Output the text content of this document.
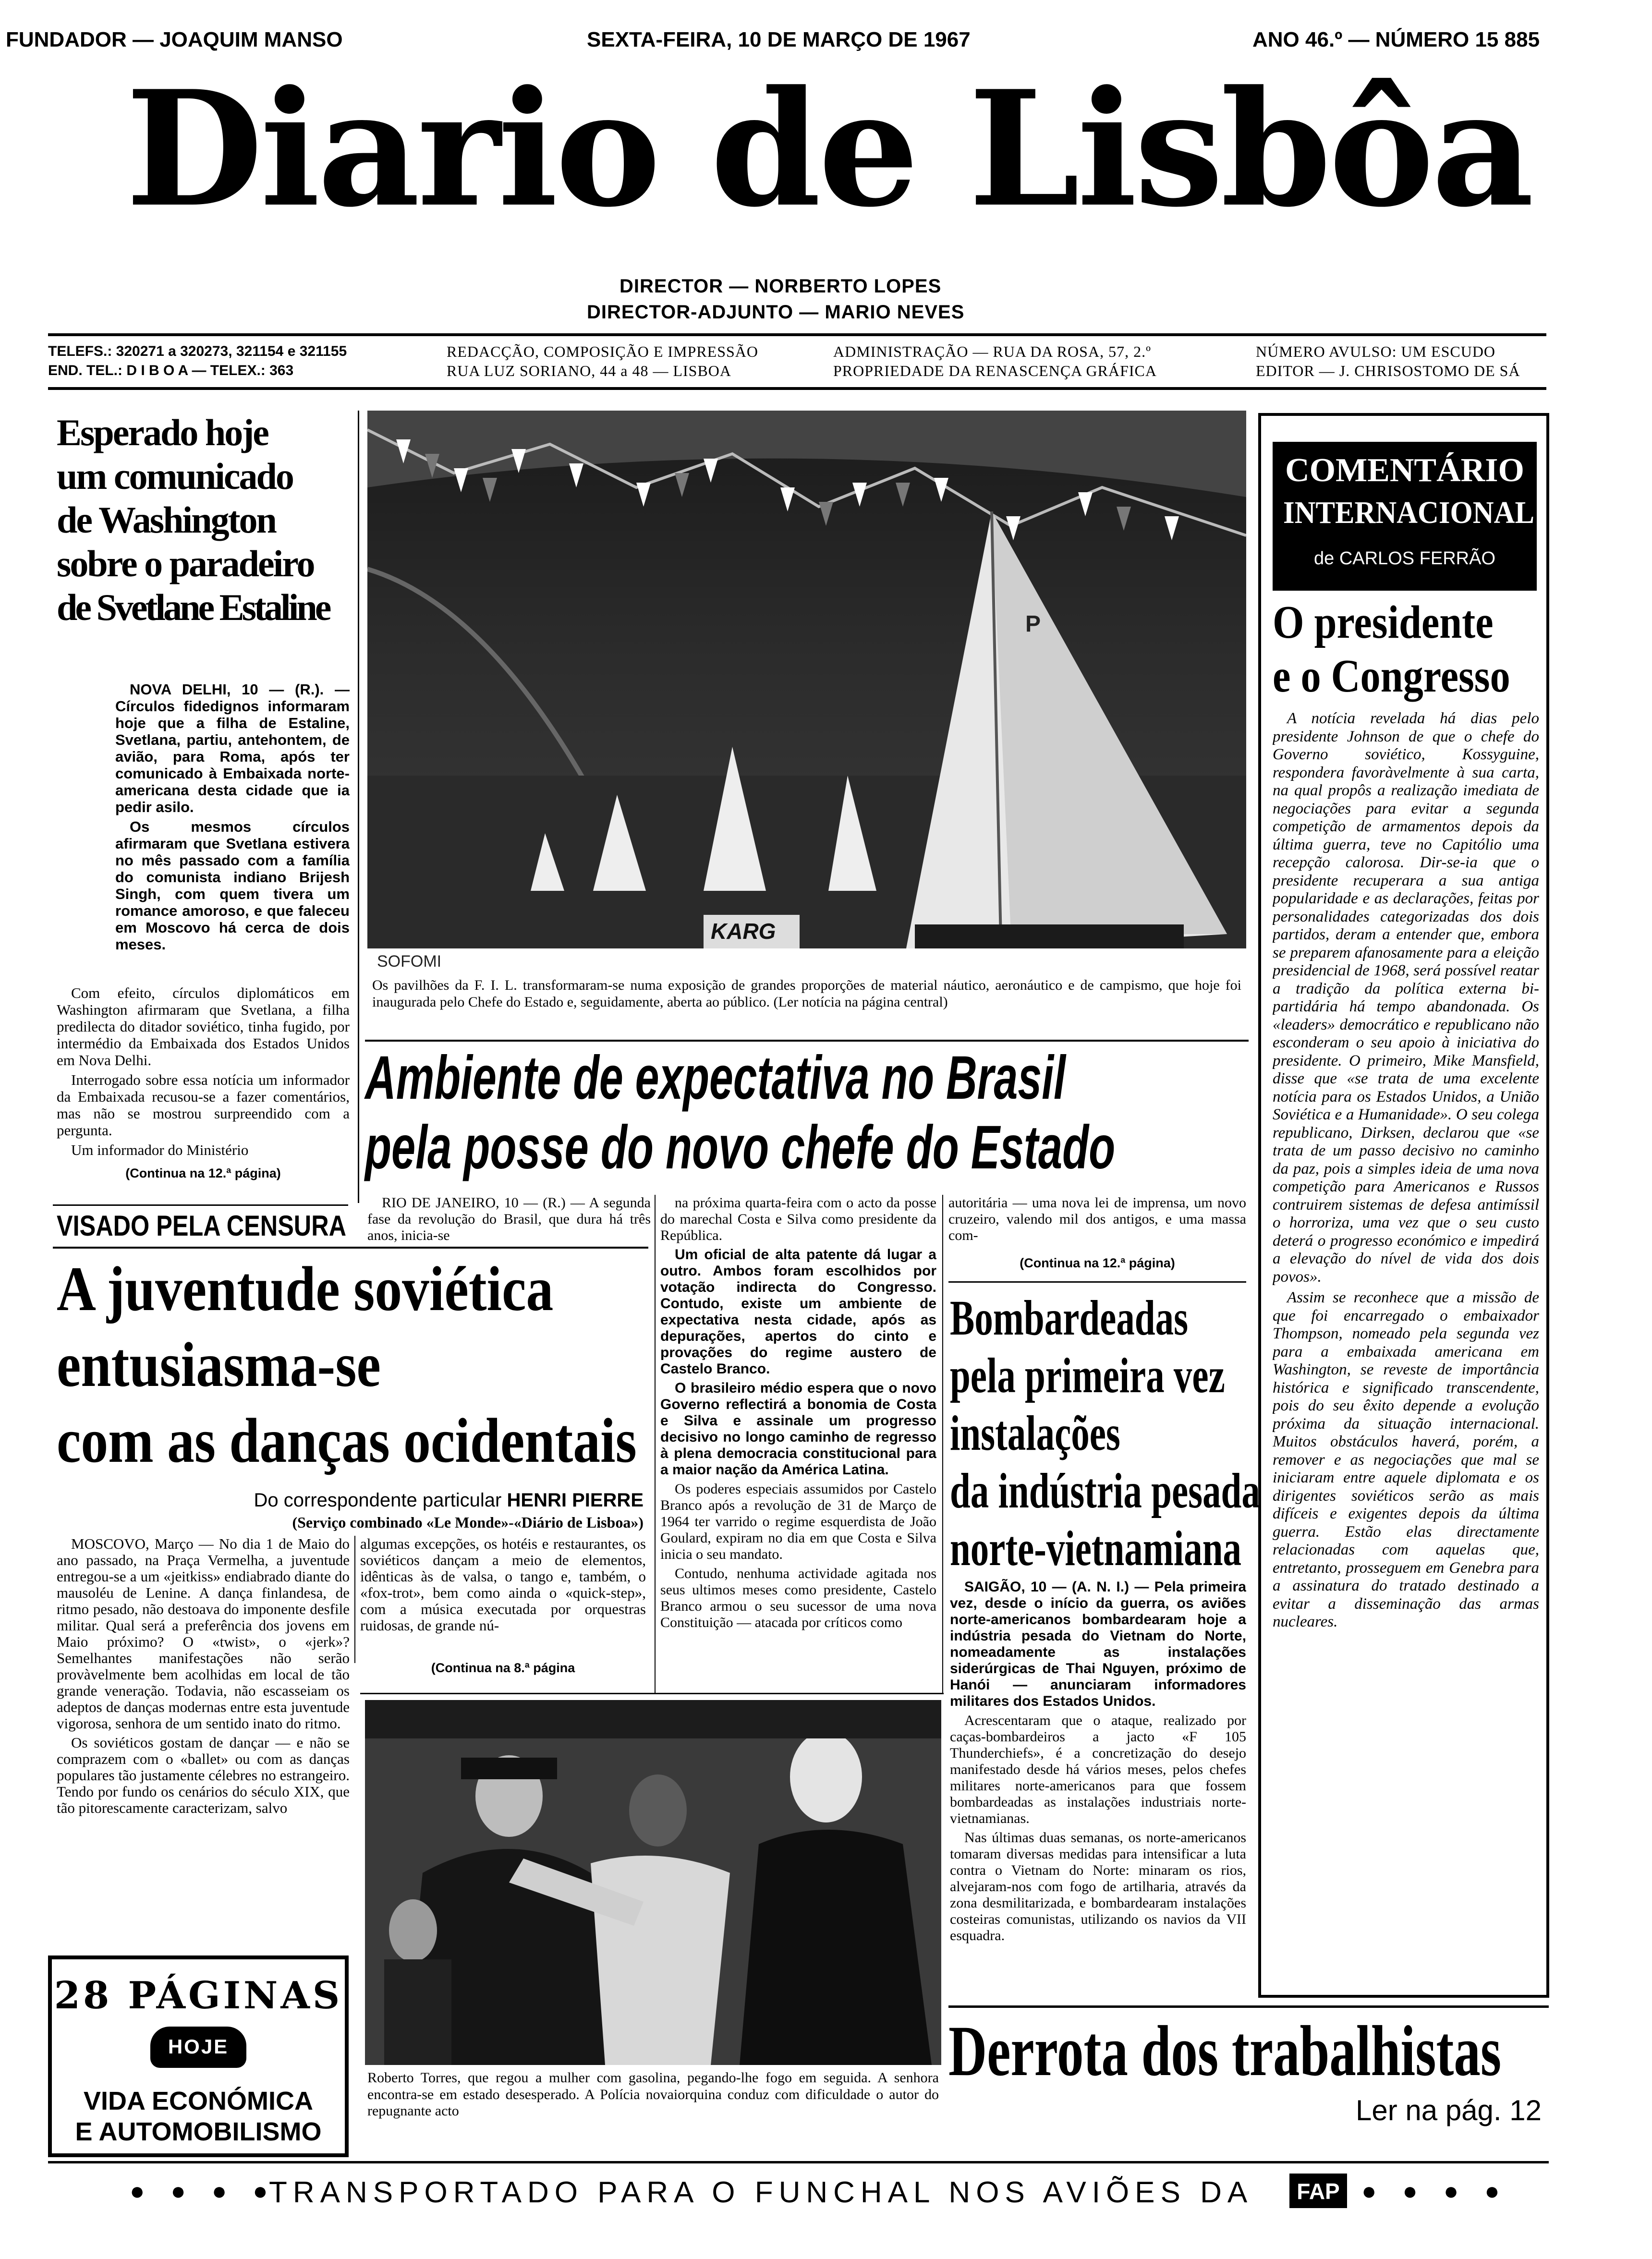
FUNDADOR — JOAQUIM MANSO	SEXTA-FEIRA, 10 DE MARÇO DE 1967	ANO 46.º — NÚMERO 15 885
Diario de Lisbôa
DIRECTOR — NORBERTO LOPES
DIRECTOR-ADJUNTO — MARIO NEVES
TELEFS.: 320271 a 320273, 321154 e 321155
END. TEL.: D I B O A — TELEX.: 363
REDACÇÃO, COMPOSIÇÃO E IMPRESSÃO
RUA LUZ SORIANO, 44 a 48 — LISBOA
ADMINISTRAÇÃO — RUA DA ROSA, 57, 2.º
PROPRIEDADE DA RENASCENÇA GRÁFICA
NÚMERO AVULSO: UM ESCUDO
EDITOR — J. CHRISOSTOMO DE SÁ
Esperado hoje
um comunicado
de Washington
sobre o paradeiro
de Svetlane Estaline

NOVA DELHI, 10 — (R.). — Círculos fidedignos informaram hoje que a filha de Estaline, Svetlana, partiu, antehontem, de avião, para Roma, após ter comunicado à Embaixada norte-americana desta cidade que ia pedir asilo.

Os mesmos círculos afirmaram que Svetlana estivera no mês passado com a família do comunista indiano Brijesh Singh, com quem tivera um romance amoroso, e que faleceu em Moscovo há cerca de dois meses.

Com efeito, círculos diplomáticos em Washington afirmaram que Svetlana, a filha predilecta do ditador soviético, tinha fugido, por intermédio da Embaixada dos Estados Unidos em Nova Delhi.

Interrogado sobre essa notícia um informador da Embaixada recusou-se a fazer comentários, mas não se mostrou surpreendido com a pergunta.

Um informador do Ministério

(Continua na 12.ª página)
P
KARG
SOFOMI
Os pavilhões da F. I. L. transformaram-se numa exposição de grandes proporções de material náutico, aeronáutico e de campismo, que hoje foi inaugurada pelo Chefe do Estado e, seguidamente, aberta ao público. (Ler notícia na página central)
Ambiente de expectativa no Brasil
pela posse do novo chefe do Estado
RIO DE JANEIRO, 10 — (R.) — A segunda fase da revolução do Brasil, que dura há três anos, inicia-se

na próxima quarta-feira com o acto da posse do marechal Costa e Silva como presidente da República.

Um oficial de alta patente dá lugar a outro. Ambos foram escolhidos por votação indirecta do Congresso. Contudo, existe um ambiente de expectativa nesta cidade, após as depurações, apertos do cinto e provações do regime austero de Castelo Branco.

O brasileiro médio espera que o novo Governo reflectirá a bonomia de Costa e Silva e assinale um progresso decisivo no longo caminho de regresso à plena democracia constitucional para a maior nação da América Latina.

Os poderes especiais assumidos por Castelo Branco após a revolução de 31 de Março de 1964 ter varrido o regime esquerdista de João Goulard, expiram no dia em que Costa e Silva inicia o seu mandato.

Contudo, nenhuma actividade agitada nos seus ultimos meses como presidente, Castelo Branco armou o seu sucessor de uma nova Constituição — atacada por críticos como

autoritária — uma nova lei de imprensa, um novo cruzeiro, valendo mil dos antigos, e uma massa com-
(Continua na 12.ª página)
VISADO PELA CENSURA
A juventude soviética
entusiasma-se
com as danças ocidentais
Do correspondente particular HENRI PIERRE
(Serviço combinado «Le Monde»-«Diário de Lisboa»)

MOSCOVO, Março — No dia 1 de Maio do ano passado, na Praça Vermelha, a juventude entregou-se a um «jeitkiss» endiabrado diante do mausoléu de Lenine. A dança finlandesa, de ritmo pesado, não destoava do imponente desfile militar. Qual será a preferência dos jovens em Maio próximo? O «twist», o «jerk»? Semelhantes manifestações não serão provàvelmente bem acolhidas em local de tão grande veneração. Todavia, não escasseiam os adeptos de danças modernas entre esta juventude vigorosa, senhora de um sentido inato do ritmo.

Os soviéticos gostam de dançar — e não se comprazem com o «ballet» ou com as danças populares tão justamente célebres no estrangeiro. Tendo por fundo os cenários do século XIX, que tão pitorescamente caracterizam, salvo

algumas excepções, os hotéis e restaurantes, os soviéticos dançam a meio de elementos, idênticas às de valsa, o tango e, também, o «fox-trot», bem como ainda o «quick-step», com a música executada por orquestras ruidosas, de grande nú-
(Continua na 8.ª página
28 PÁGINAS
HOJE
VIDA ECONÓMICA
E AUTOMOBILISMO
Roberto Torres, que regou a mulher com gasolina, pegando-lhe fogo em seguida. A senhora encontra-se em estado desesperado. A Polícia novaiorquina conduz com dificuldade o autor do repugnante acto
Bombardeadas
pela primeira vez
instalações
da indústria pesada
norte-vietnamiana

SAIGÃO, 10 — (A. N. I.) — Pela primeira vez, desde o início da guerra, os aviões norte-americanos bombardearam hoje a indústria pesada do Vietnam do Norte, nomeadamente as instalações siderúrgicas de Thai Nguyen, próximo de Hanói — anunciaram informadores militares dos Estados Unidos.

Acrescentaram que o ataque, realizado por caças-bombardeiros a jacto «F 105 Thunderchiefs», é a concretização do desejo manifestado desde há vários meses, pelos chefes militares norte-americanos para que fossem bombardeadas as instalações industriais norte-vietnamianas.

Nas últimas duas semanas, os norte-americanos tomaram diversas medidas para intensificar a luta contra o Vietnam do Norte: minaram os rios, alvejaram-nos com fogo de artilharia, através da zona desmilitarizada, e bombardearam instalações costeiras comunistas, utilizando os navios da VII esquadra.

COMENTÁRIO
INTERNACIONAL
de CARLOS FERRÃO
O presidente
e o Congresso

A notícia revelada há dias pelo presidente Johnson de que o chefe do Governo soviético, Kossyguine, respondera favoràvelmente à sua carta, na qual propôs a realização imediata de negociações para evitar a segunda competição de armamentos depois da última guerra, teve no Capitólio uma recepção calorosa. Dir-se-ia que o presidente recuperara a sua antiga popularidade e as declarações, feitas por personalidades categorizadas dos dois partidos, deram a entender que, embora se preparem afanosamente para a eleição presidencial de 1968, será possível reatar a tradição da política externa bi-partidária há tempo abandonada. Os «leaders» democrático e republicano não esconderam o seu apoio à iniciativa do presidente. O primeiro, Mike Mansfield, disse que «se trata de uma excelente notícia para os Estados Unidos, a União Soviética e a Humanidade». O seu colega republicano, Dirksen, declarou que «se trata de um passo decisivo no caminho da paz, pois a simples ideia de uma nova competição para Americanos e Russos contruirem sistemas de defesa antimíssil o horroriza, uma vez que o seu custo deterá o progresso económico e impedirá a elevação do nível de vida dos dois povos».

Assim se reconhece que a missão de que foi encarregado o embaixador Thompson, nomeado pela segunda vez para a embaixada americana em Washington, se reveste de importância histórica e significado transcendente, pois do seu êxito depende a evolução próxima da situação internacional. Muitos obstáculos haverá, porém, a remover e as negociações que mal se iniciaram entre aquele diplomata e os dirigentes soviéticos serão as mais difíceis e exigentes depois da última guerra. Estão elas directamente relacionadas com aquelas que, entretanto, prosseguem em Genebra para a assinatura do tratado destinado a evitar a disseminação das armas nucleares.

Derrota dos trabalhistas
Ler na pág. 12
●●●●
TRANSPORTADO PARA O FUNCHAL NOS AVIÕES DA	FAP ●●●●
